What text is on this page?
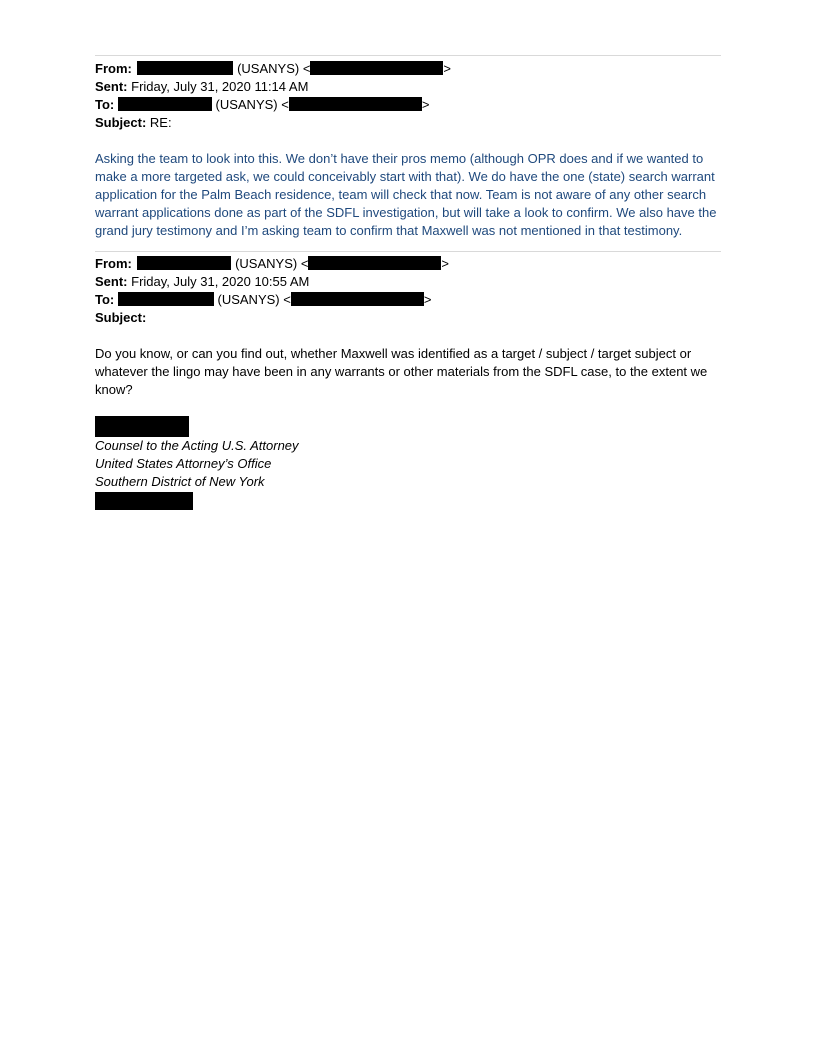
From:	(USANYS) <	>
Sent: Friday, July 31, 2020 11:14 AM
To:	(USANYS) <	>
Subject: RE:

Asking the team to look into this. We don’t have their pros memo (although OPR does and if we wanted to make a more targeted ask, we could conceivably start with that). We do have the one (state) search warrant application for the Palm Beach residence, team will check that now. Team is not aware of any other search warrant applications done as part of the SDFL investigation, but will take a look to confirm. We also have the grand jury testimony and I’m asking team to confirm that Maxwell was not mentioned in that testimony.

From:	(USANYS) <	>
Sent: Friday, July 31, 2020 10:55 AM
To:	(USANYS) <	>
Subject:

Do you know, or can you find out, whether Maxwell was identified as a target / subject / target subject or whatever the lingo may have been in any warrants or other materials from the SDFL case, to the extent we know?

Counsel to the Acting U.S. Attorney
United States Attorney’s Office
Southern District of New York
